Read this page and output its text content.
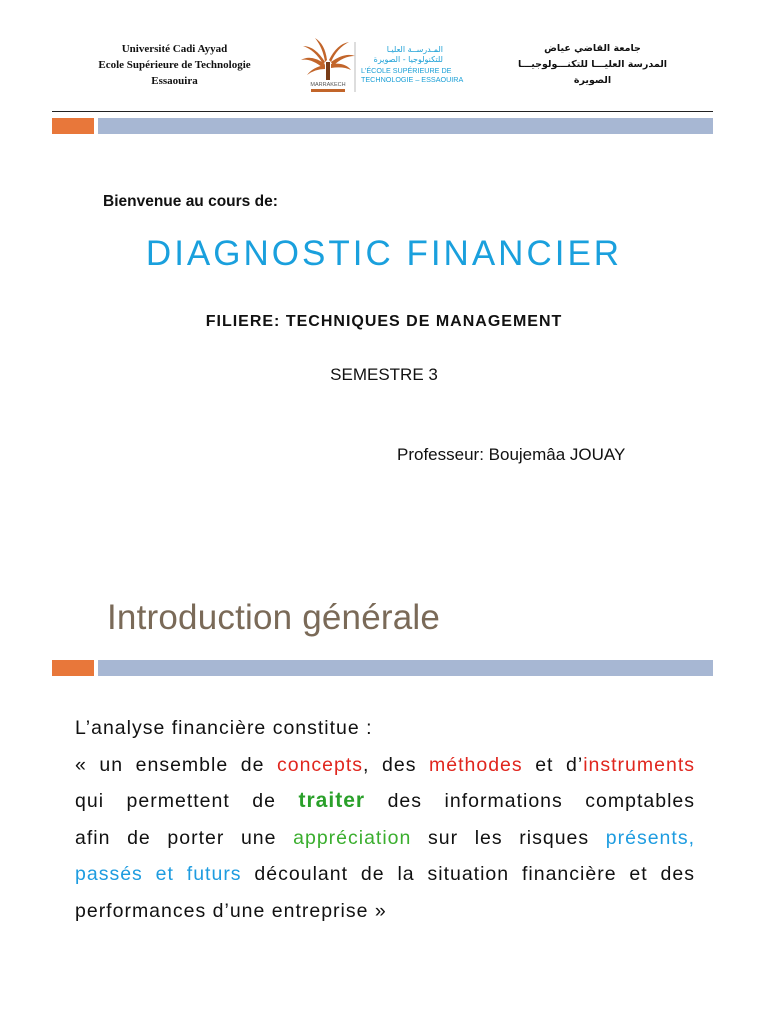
Université Cadi Ayyad
Ecole Supérieure de Technologie
Essaouira	MARRAKECH
المـدرســة العليـا
للتكنولوجيا - الصويرة
L'ÉCOLE SUPÉRIEURE DE
TECHNOLOGIE – ESSAOUIRA
جامعة القاضي عياض
المدرسة العليـــا للتكنـــولوجيـــا
الصويرة
Bienvenue au cours de:
DIAGNOSTIC FINANCIER
FILIERE: TECHNIQUES DE MANAGEMENT
SEMESTRE 3
Professeur: Boujemâa JOUAY
Introduction générale
L’analyse financière constitue :
« un ensemble de concepts, des méthodes et d’instruments
qui permettent de traiter des informations comptables
afin de porter une appréciation sur les risques présents,
passés et futurs découlant de la situation financière et des
performances d’une entreprise »
